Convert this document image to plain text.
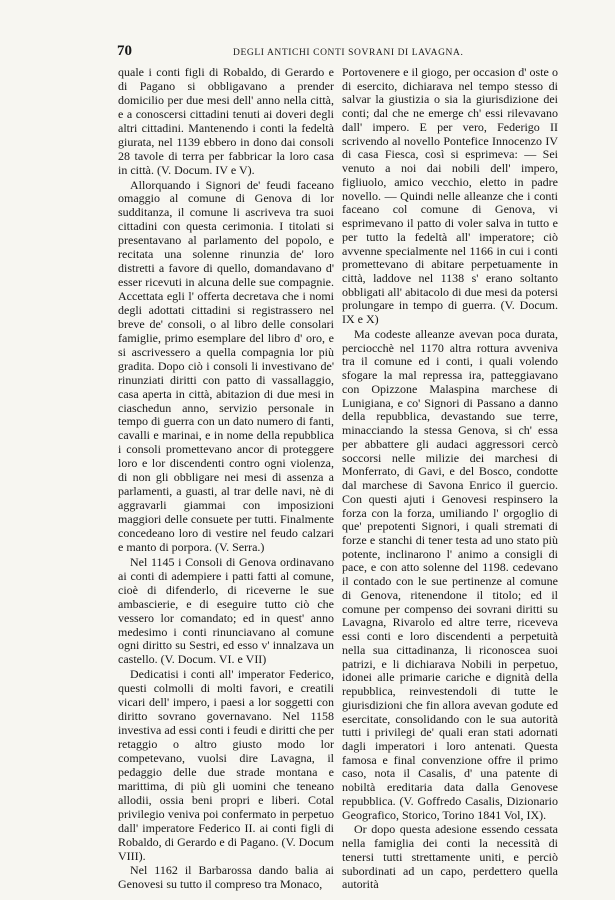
70	DEGLI ANTICHI CONTI SOVRANI DI LAVAGNA.

quale i conti figli di Robaldo, di Gerardo e di Pagano si obbligavano a prender domicilio per due mesi dell' anno nella città, e a conoscersi cittadini tenuti ai doveri degli altri cittadini. Mantenendo i conti la fedeltà giurata, nel 1139 ebbero in dono dai consoli 28 tavole di terra per fabbricar la loro casa in città. (V. Docum. IV e V).

Allorquando i Signori de' feudi faceano omaggio al comune di Genova di lor sudditanza, il comune li ascriveva tra suoi cittadini con questa cerimonia. I titolati si presentavano al parlamento del popolo, e recitata una solenne rinunzia de' loro distretti a favore di quello, domandavano d' esser ricevuti in alcuna delle sue compagnie. Accettata egli l' offerta decretava che i nomi degli adottati cittadini si registrassero nel breve de' consoli, o al libro delle consolari famiglie, primo esemplare del libro d' oro, e si ascrivessero a quella compagnia lor più gradita. Dopo ciò i consoli li investivano de' rinunziati diritti con patto di vassallaggio, casa aperta in città, abitazion di due mesi in ciaschedun anno, servizio personale in tempo di guerra con un dato numero di fanti, cavalli e marinai, e in nome della repubblica i consoli promettevano ancor di proteggere loro e lor discendenti contro ogni violenza, di non gli obbligare nei mesi di assenza a parlamenti, a guasti, al trar delle navi, nè di aggravarli giammai con imposizioni maggiori delle consuete per tutti. Finalmente concedeano loro di vestire nel feudo calzari e manto di porpora. (V. Serra.)

Nel 1145 i Consoli di Genova ordinavano ai conti di adempiere i patti fatti al comune, cioè di difenderlo, di riceverne le sue ambascierie, e di eseguire tutto ciò che vessero lor comandato; ed in quest' anno medesimo i conti rinunciavano al comune ogni diritto su Sestri, ed esso v' innalzava un castello. (V. Docum. VI. e VII)

Dedicatisi i conti all' imperator Federico, questi colmolli di molti favori, e creatili vicari dell' impero, i paesi a lor soggetti con diritto sovrano governavano. Nel 1158 investiva ad essi conti i feudi e diritti che per retaggio o altro giusto modo lor competevano, vuolsi dire Lavagna, il pedaggio delle due strade montana e marittima, di più gli uomini che teneano allodii, ossia beni propri e liberi. Cotal privilegio veniva poi confermato in perpetuo dall' imperatore Federico II. ai conti figli di Robaldo, di Gerardo e di Pagano. (V. Docum VIII).

Nel 1162 il Barbarossa dando balia ai Genovesi su tutto il compreso tra Monaco,

Portovenere e il giogo, per occasion d' oste o di esercito, dichiarava nel tempo stesso di salvar la giustizia o sia la giurisdizione dei conti; dal che ne emerge ch' essi rilevavano dall' impero. E per vero, Federigo II scrivendo al novello Pontefice Innocenzo IV di casa Fiesca, così si esprimeva: — Sei venuto a noi dai nobili dell' impero, figliuolo, amico vecchio, eletto in padre novello. — Quindi nelle alleanze che i conti faceano col comune di Genova, vi esprimevano il patto di voler salva in tutto e per tutto la fedeltà all' imperatore; ciò avvenne specialmente nel 1166 in cui i conti promettevano di abitare perpetuamente in città, laddove nel 1138 s' erano soltanto obbligati all' abitacolo di due mesi da potersi prolungare in tempo di guerra. (V. Docum. IX e X)

Ma codeste alleanze avevan poca durata, perciocchè nel 1170 altra rottura avveniva tra il comune ed i conti, i quali volendo sfogare la mal repressa ira, patteggiavano con Opizzone Malaspina marchese di Lunigiana, e co' Signori di Passano a danno della repubblica, devastando sue terre, minacciando la stessa Genova, si ch' essa per abbattere gli audaci aggressori cercò soccorsi nelle milizie dei marchesi di Monferrato, di Gavi, e del Bosco, condotte dal marchese di Savona Enrico il guercio. Con questi ajuti i Genovesi respinsero la forza con la forza, umiliando l' orgoglio di que' prepotenti Signori, i quali stremati di forze e stanchi di tener testa ad uno stato più potente, inclinarono l' animo a consigli di pace, e con atto solenne del 1198. cedevano il contado con le sue pertinenze al comune di Genova, ritenendone il titolo; ed il comune per compenso dei sovrani diritti su Lavagna, Rivarolo ed altre terre, riceveva essi conti e loro discendenti a perpetuità nella sua cittadinanza, li riconoscea suoi patrizi, e li dichiarava Nobili in perpetuo, idonei alle primarie cariche e dignità della repubblica, reinvestendoli di tutte le giurisdizioni che fin allora avevan godute ed esercitate, consolidando con le sua autorità tutti i privilegi de' quali eran stati adornati dagli imperatori i loro antenati. Questa famosa e final convenzione offre il primo caso, nota il Casalis, d' una patente di nobiltà ereditaria data dalla Genovese repubblica. (V. Goffredo Casalis, Dizionario Geografico, Storico, Torino 1841 Vol, IX).

Or dopo questa adesione essendo cessata nella famiglia dei conti la necessità di tenersi tutti strettamente uniti, e perciò subordinati ad un capo, perdettero quella autorità
